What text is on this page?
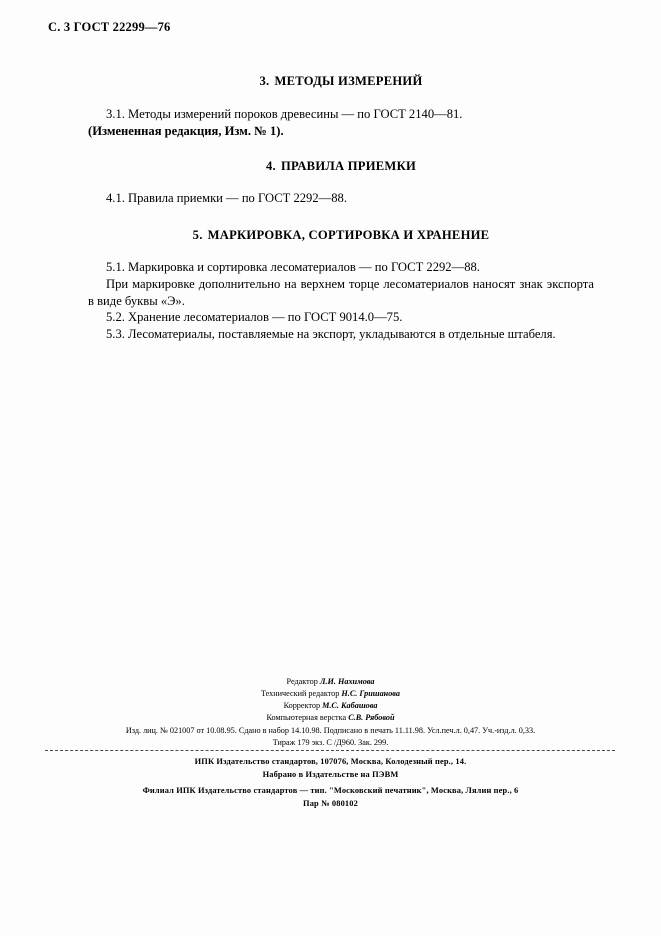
С. 3 ГОСТ 22299—76
3. МЕТОДЫ ИЗМЕРЕНИЙ

3.1. Методы измерений пороков древесины — по ГОСТ 2140—81.

(Измененная редакция, Изм. № 1).

4. ПРАВИЛА ПРИЕМКИ

4.1. Правила приемки — по ГОСТ 2292—88.

5. МАРКИРОВКА, СОРТИРОВКА И ХРАНЕНИЕ

5.1. Маркировка и сортировка лесоматериалов — по ГОСТ 2292—88.

При маркировке дополнительно на верхнем торце лесоматериалов наносят знак экспорта в виде буквы «Э».

5.2. Хранение лесоматериалов — по ГОСТ 9014.0—75.

5.3. Лесоматериалы, поставляемые на экспорт, укладываются в отдельные штабеля.

Редактор Л.И. Нахимова
Технический редактор Н.С. Гришанова
Корректор М.С. Кабашова
Компьютерная верстка С.В. Рябовой
Изд. лиц. № 021007 от 10.08.95. Сдано в набор 14.10.98. Подписано в печать 11.11.98. Усл.печ.л. 0,47. Уч.-изд.л. 0,33.
Тираж 179 экз. С /Д960. Зак. 299.
ИПК Издательство стандартов, 107076, Москва, Колодезный пер., 14.
Набрано в Издательстве на ПЭВМ
Филиал ИПК Издательство стандартов — тип. "Московский печатник", Москва, Лялин пер., 6
Пар № 080102
